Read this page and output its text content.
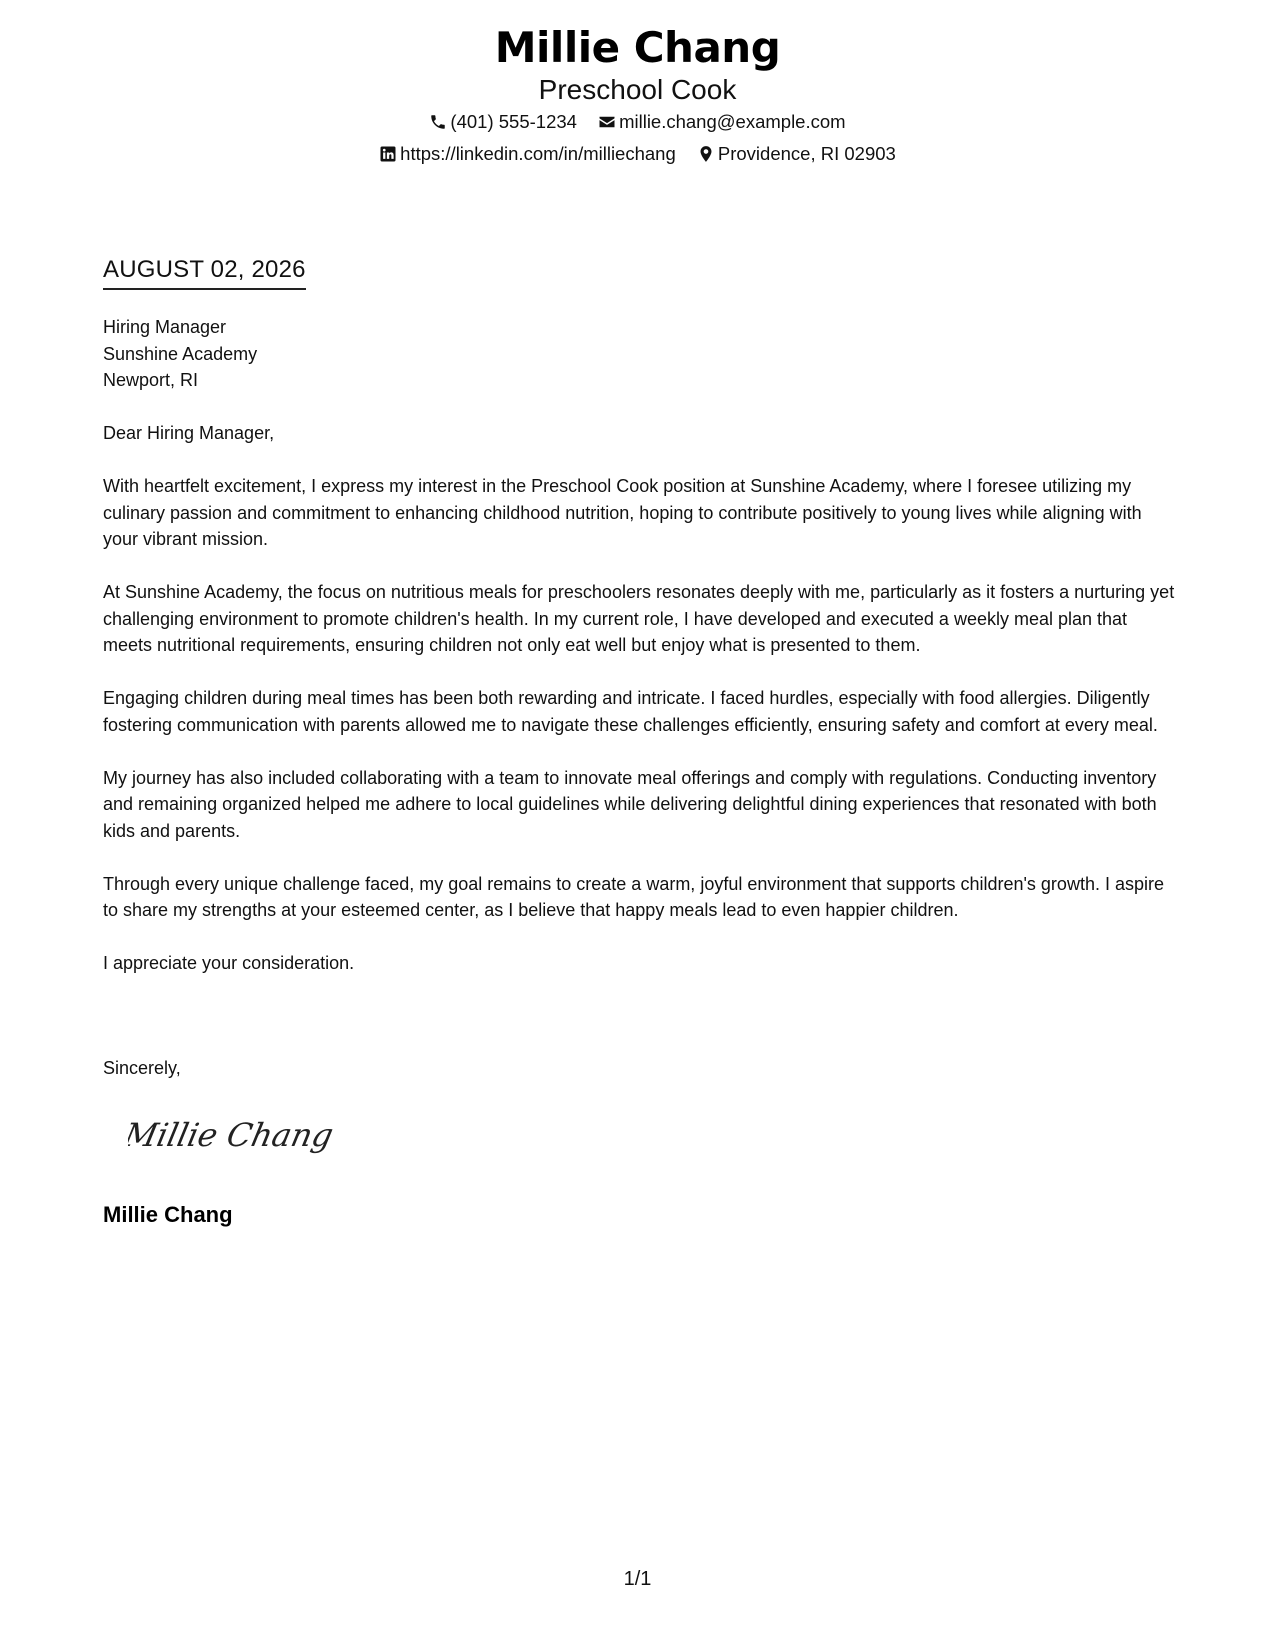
Millie Chang
Preschool Cook
(401) 555-1234 millie.chang@example.com
https://linkedin.com/in/milliechang Providence, RI 02903
AUGUST 02, 2026

Hiring Manager
Sunshine Academy
Newport, RI

Dear Hiring Manager,

With heartfelt excitement, I express my interest in the Preschool Cook position at Sunshine Academy, where I foresee utilizing my culinary passion and commitment to enhancing childhood nutrition, hoping to contribute positively to young lives while aligning with your vibrant mission.

At Sunshine Academy, the focus on nutritious meals for preschoolers resonates deeply with me, particularly as it fosters a nurturing yet challenging environment to promote children's health. In my current role, I have developed and executed a weekly meal plan that meets nutritional requirements, ensuring children not only eat well but enjoy what is presented to them.

Engaging children during meal times has been both rewarding and intricate. I faced hurdles, especially with food allergies. Diligently fostering communication with parents allowed me to navigate these challenges efficiently, ensuring safety and comfort at every meal.

My journey has also included collaborating with a team to innovate meal offerings and comply with regulations. Conducting inventory and remaining organized helped me adhere to local guidelines while delivering delightful dining experiences that resonated with both kids and parents.

Through every unique challenge faced, my goal remains to create a warm, joyful environment that supports children's growth. I aspire to share my strengths at your esteemed center, as I believe that happy meals lead to even happier children.

I appreciate your consideration.

Sincerely,
Millie Chang
Millie Chang
1/1
